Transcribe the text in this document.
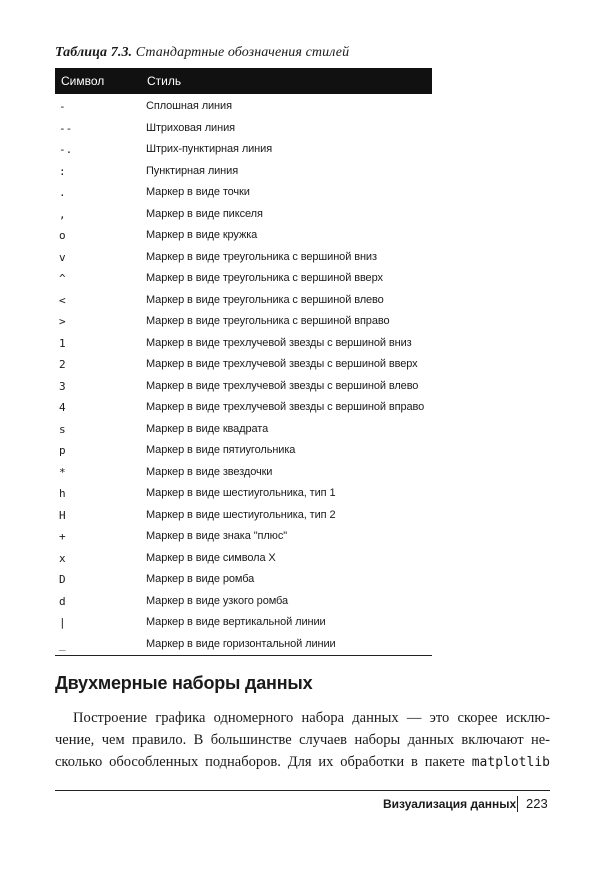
Таблица 7.3. Стандартные обозначения стилей
Символ	Стиль
-	Сплошная линия
--	Штриховая линия
-.	Штрих-пунктирная линия
:	Пунктирная линия
.	Маркер в виде точки
,	Маркер в виде пикселя
o	Маркер в виде кружка
v	Маркер в виде треугольника с вершиной вниз
^	Маркер в виде треугольника с вершиной вверх
<	Маркер в виде треугольника с вершиной влево
>	Маркер в виде треугольника с вершиной вправо
1	Маркер в виде трехлучевой звезды с вершиной вниз
2	Маркер в виде трехлучевой звезды с вершиной вверх
3	Маркер в виде трехлучевой звезды с вершиной влево
4	Маркер в виде трехлучевой звезды с вершиной вправо
s	Маркер в виде квадрата
p	Маркер в виде пятиугольника
*	Маркер в виде звездочки
h	Маркер в виде шестиугольника, тип 1
H	Маркер в виде шестиугольника, тип 2
+	Маркер в виде знака "плюс"
x	Маркер в виде символа X
D	Маркер в виде ромба
d	Маркер в виде узкого ромба
|	Маркер в виде вертикальной линии
_	Маркер в виде горизонтальной линии
Двухмерные наборы данных
Построение графика одномерного набора данных — это скорее исклю-
чение, чем правило. В большинстве случаев наборы данных включают не-
сколько обособленных поднаборов. Для их обработки в пакете matplotlib
Визуализация данных 223
